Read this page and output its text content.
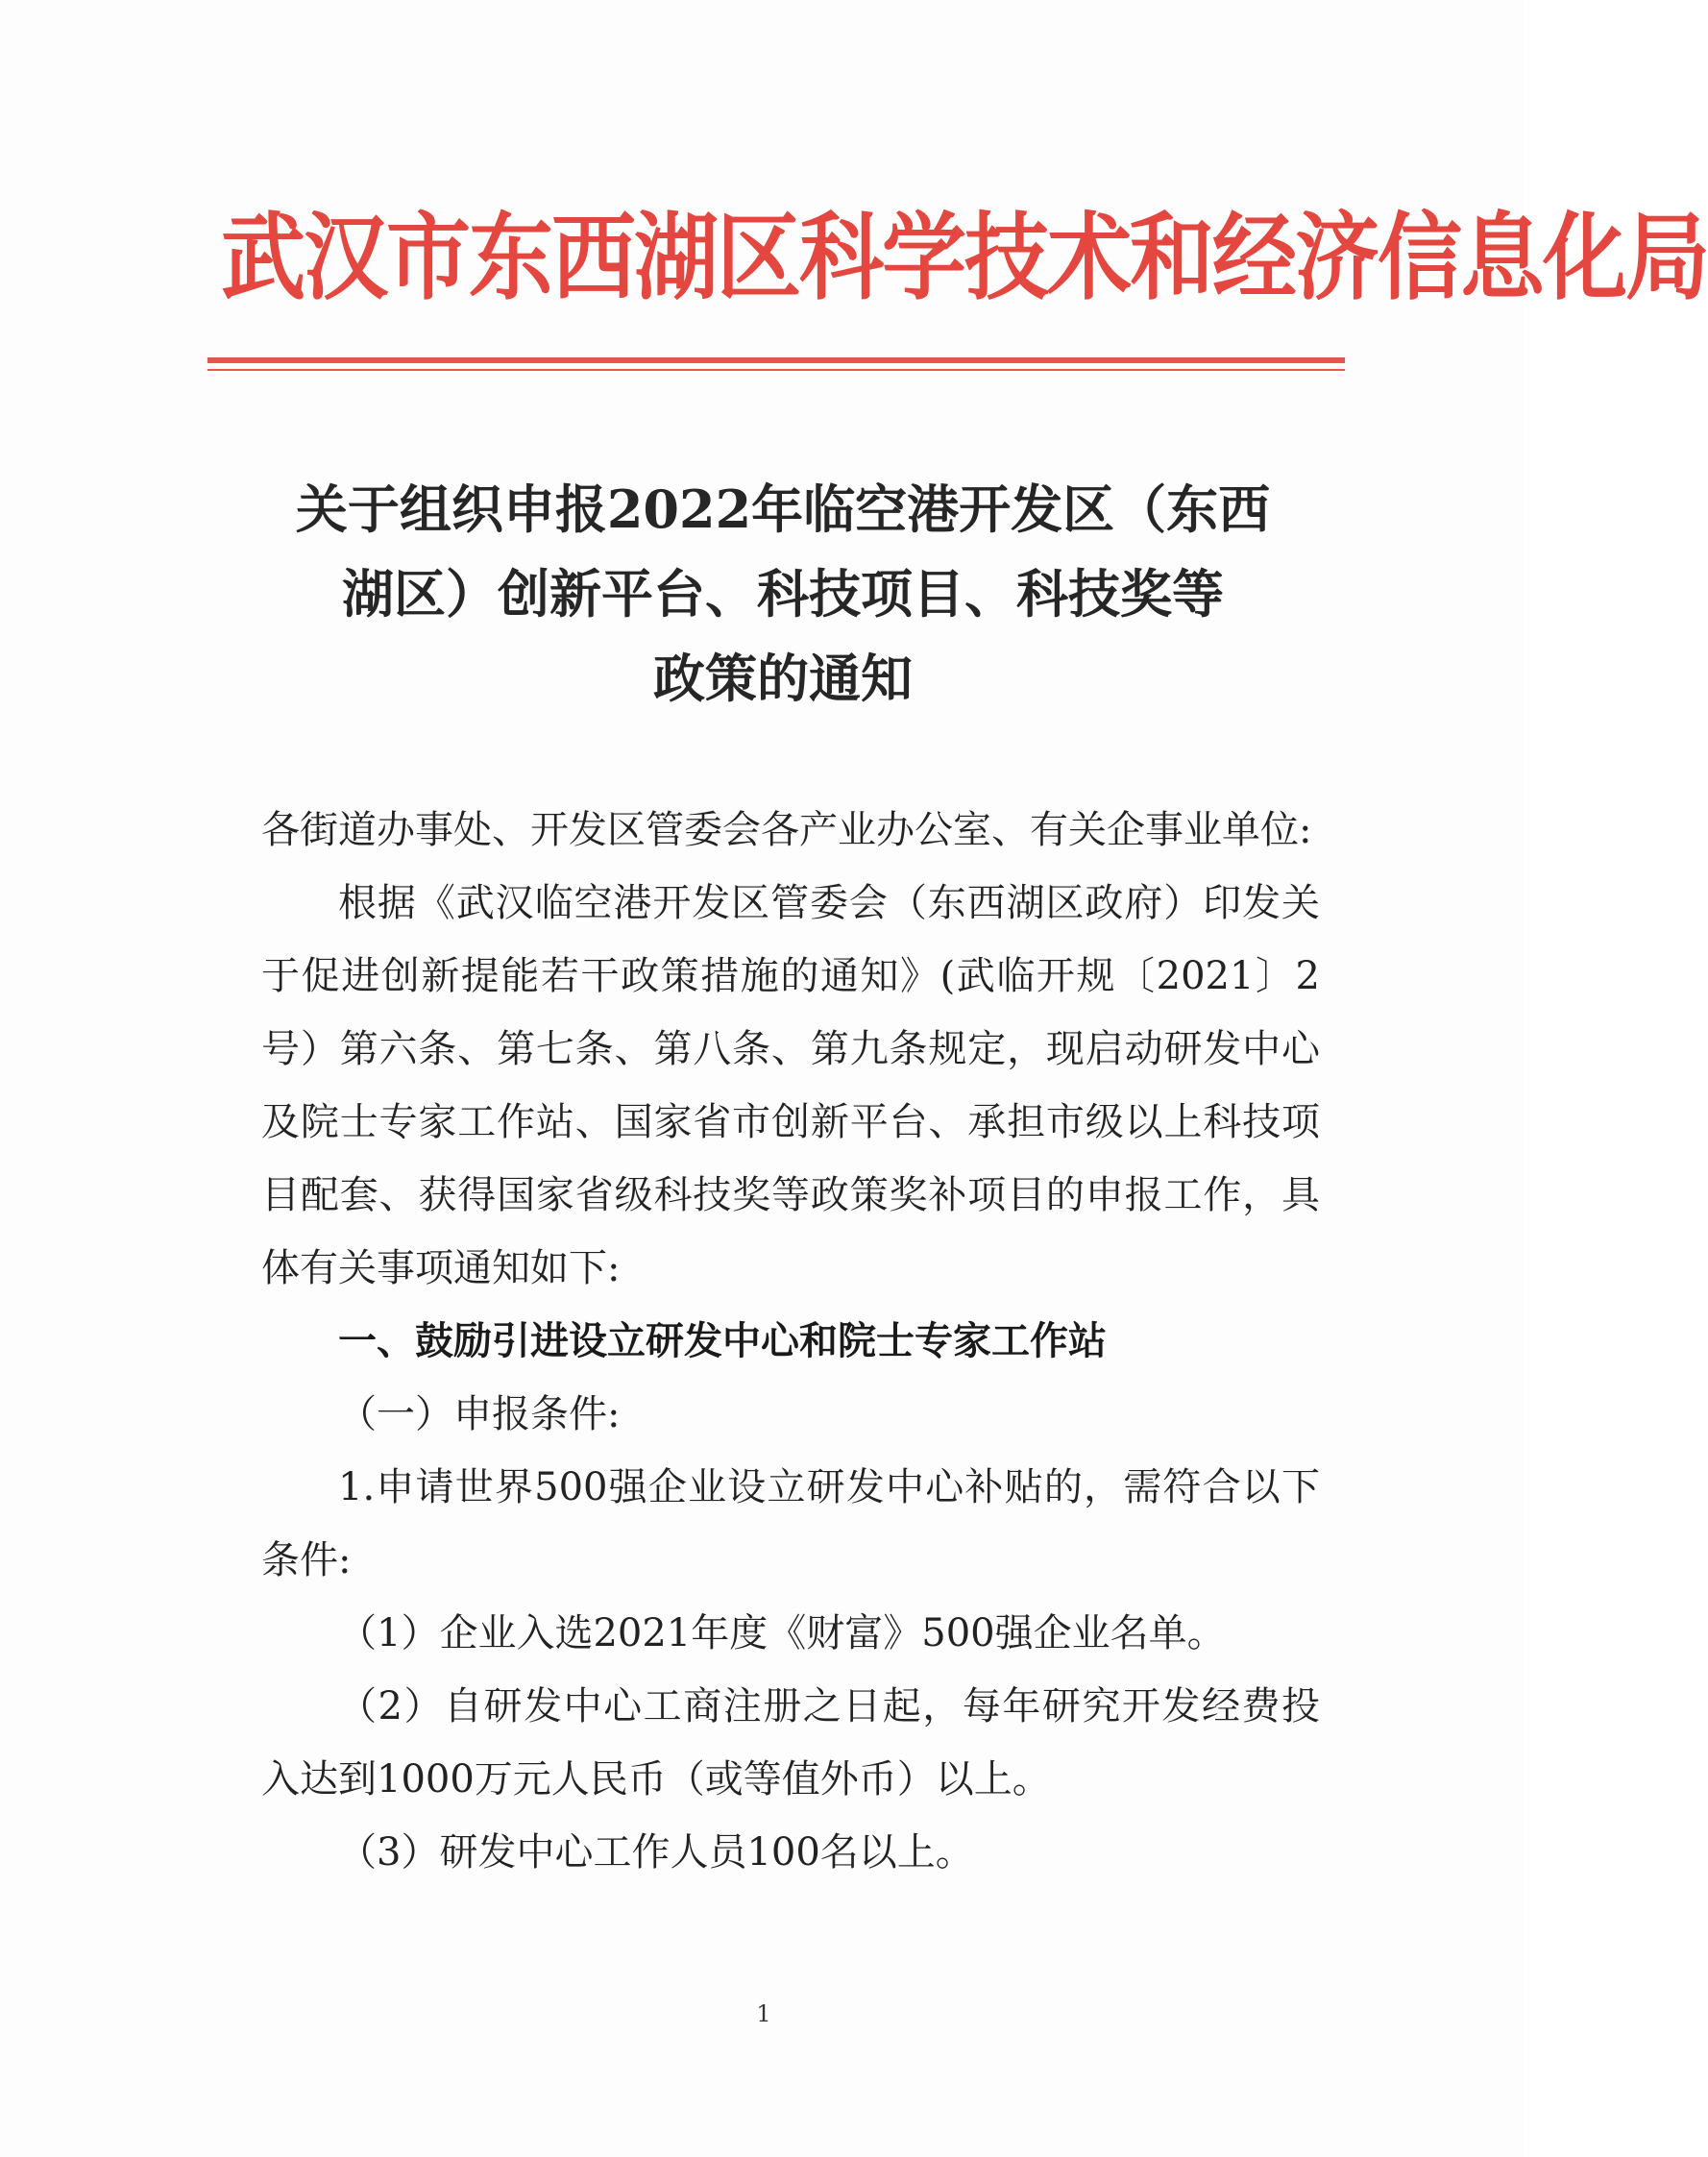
武汉市东西湖区科学技术和经济信息化局
关于组织申报2022年临空港开发区（东西
湖区）创新平台、科技项目、科技奖等
政策的通知

各街道办事处、开发区管委会各产业办公室、有关企事业单位:

根据《武汉临空港开发区管委会（东西湖区政府）印发关于促进创新提能若干政策措施的通知》(武临开规〔2021〕2号）第六条、第七条、第八条、第九条规定，现启动研发中心及院士专家工作站、国家省市创新平台、承担市级以上科技项目配套、获得国家省级科技奖等政策奖补项目的申报工作，具体有关事项通知如下:

一、鼓励引进设立研发中心和院士专家工作站

（一）申报条件:

1.申请世界500强企业设立研发中心补贴的，需符合以下条件:

（1）企业入选2021年度《财富》500强企业名单。

（2）自研发中心工商注册之日起，每年研究开发经费投入达到1000万元人民币（或等值外币）以上。

（3）研发中心工作人员100名以上。

1
